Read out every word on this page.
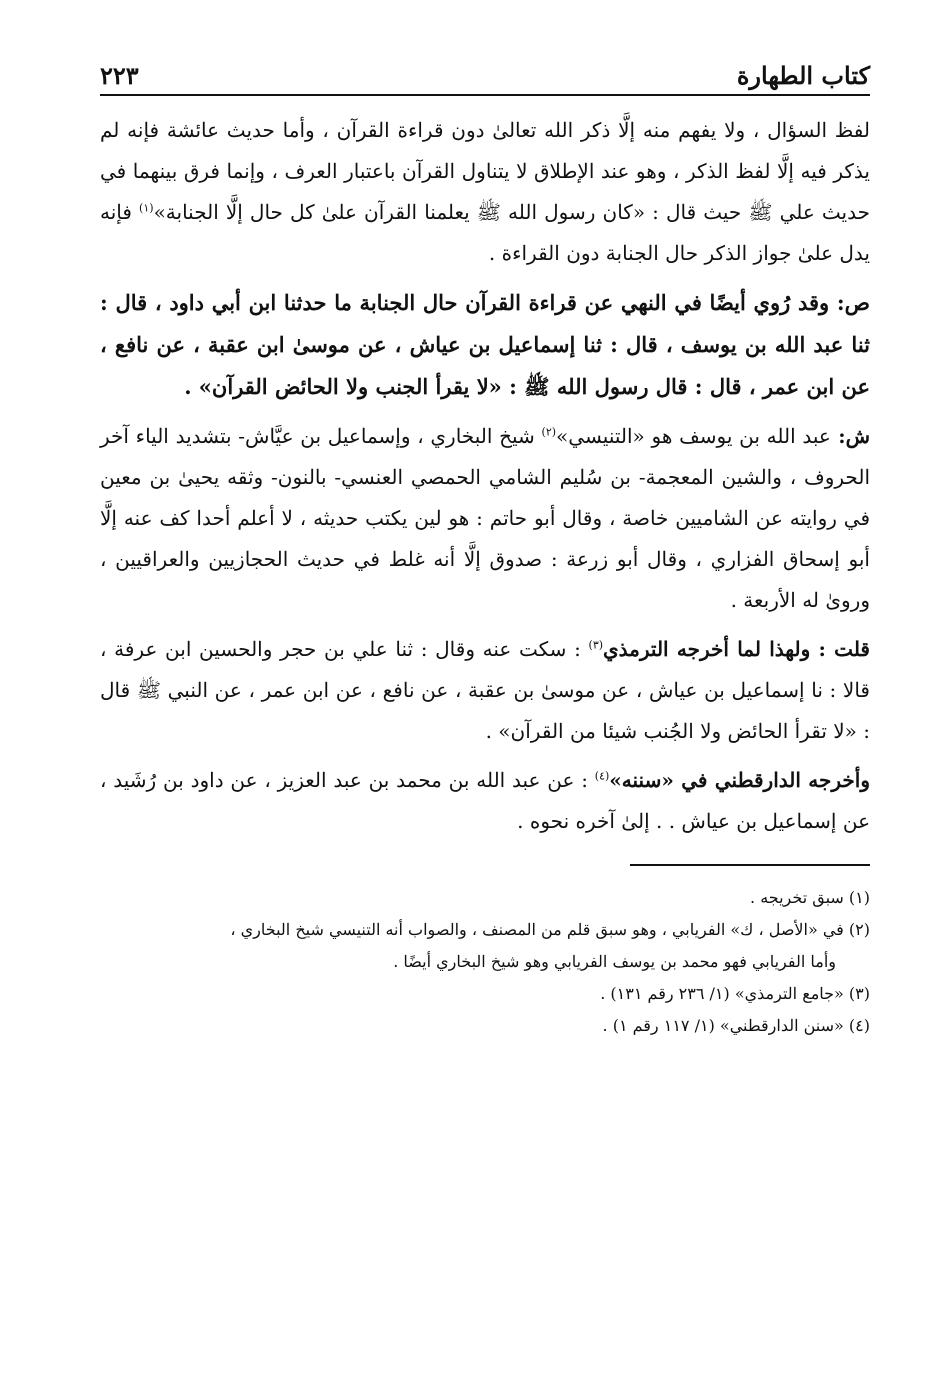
كتاب الطهارة
٢٢٣

لفظ السؤال ، ولا يفهم منه إلَّا ذكر الله تعالىٰ دون قراءة القرآن ، وأما حديث عائشة فإنه لم يذكر فيه إلَّا لفظ الذكر ، وهو عند الإطلاق لا يتناول القرآن باعتبار العرف ، وإنما فرق بينهما في حديث علي ﷺ حيث قال : «كان رسول الله ﷺ يعلمنا القرآن علىٰ كل حال إلَّا الجنابة»$^{(١)}$ فإنه يدل علىٰ جواز الذكر حال الجنابة دون القراءة .

ص: وقد رُوي أيضًا في النهي عن قراءة القرآن حال الجنابة ما حدثنا ابن أبي داود ، قال : ثنا عبد الله بن يوسف ، قال : ثنا إسماعيل بن عياش ، عن موسىٰ ابن عقبة ، عن نافع ، عن ابن عمر ، قال : قال رسول الله ﷺ : «لا يقرأ الجنب ولا الحائض القرآن» .

ش: عبد الله بن يوسف هو «التنيسي»$^{(٢)}$ شيخ البخاري ، وإسماعيل بن عيَّاش- بتشديد الياء آخر الحروف ، والشين المعجمة- بن سُليم الشامي الحمصي العنسي- بالنون- وثقه يحيىٰ بن معين في روايته عن الشاميين خاصة ، وقال أبو حاتم : هو لين يكتب حديثه ، لا أعلم أحدا كف عنه إلَّا أبو إسحاق الفزاري ، وقال أبو زرعة : صدوق إلَّا أنه غلط في حديث الحجازيين والعراقيين ، وروىٰ له الأربعة .

قلت : ولهذا لما أخرجه الترمذي$^{(٣)}$ : سكت عنه وقال : ثنا علي بن حجر والحسين ابن عرفة ، قالا : نا إسماعيل بن عياش ، عن موسىٰ بن عقبة ، عن نافع ، عن ابن عمر ، عن النبي ﷺ قال : «لا تقرأ الحائض ولا الجُنب شيئا من القرآن» .

وأخرجه الدارقطني في «سننه»$^{(٤)}$ : عن عبد الله بن محمد بن عبد العزيز ، عن داود بن رُشَيد ، عن إسماعيل بن عياش . . إلىٰ آخره نحوه .

(١) سبق تخريجه .

(٢) في «الأصل ، ك» الفريابي ، وهو سبق قلم من المصنف ، والصواب أنه التنيسي شيخ البخاري ،

وأما الفريابي فهو محمد بن يوسف الفريابي وهو شيخ البخاري أيضًا .

(٣) «جامع الترمذي» (١/ ٢٣٦ رقم ١٣١) .

(٤) «سنن الدارقطني» (١/ ١١٧ رقم ١) .
